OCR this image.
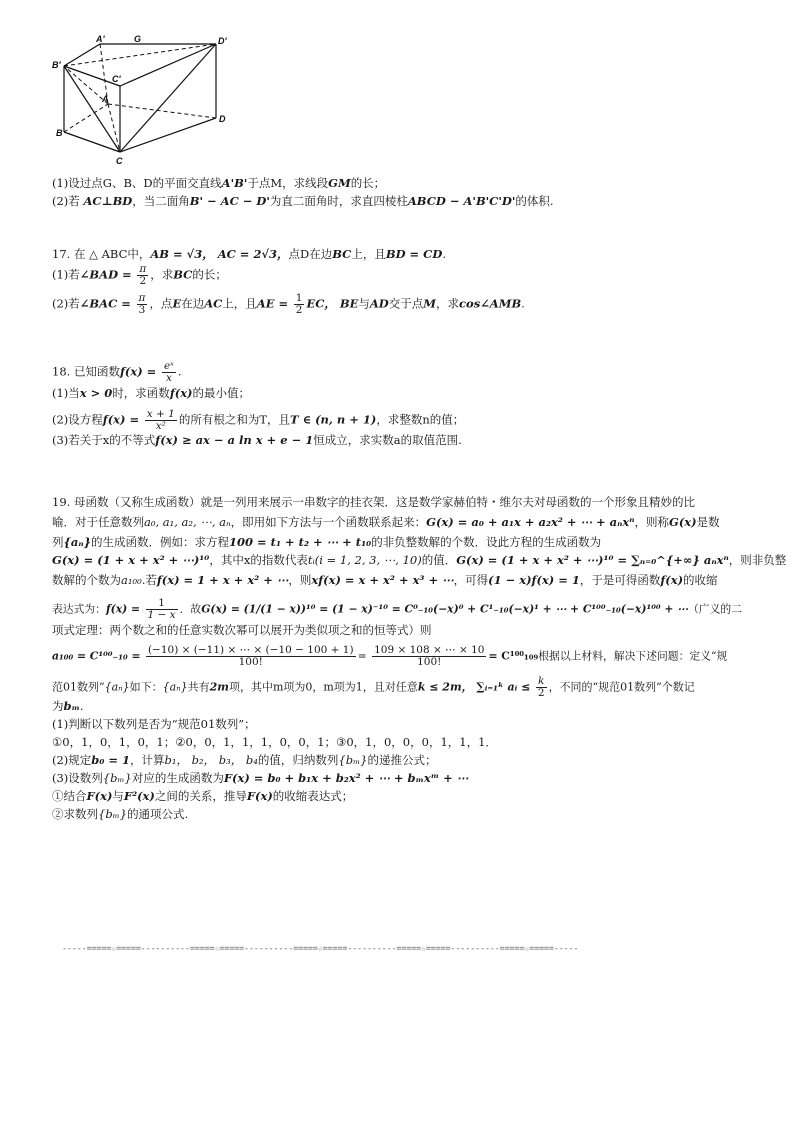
A'	G	D'
B'
C'
A
B
D
C
(1)设过点G、B、D的平面交直线A'B'于点M，求线段GM的长；
(2)若 AC⊥BD，当二面角B' − AC − D'为直二面角时，求直四棱柱ABCD − A'B'C'D'的体积.
17. 在 △ ABC中，AB = √3， AC = 2√3，点D在边BC上，且BD = CD.
(1)若∠BAD = $\frac{\pi}{2}$ ，求BC的长；
(2)若∠BAC = $\frac{\pi}{3}$ ，点E在边AC上，且AE = $\frac{1}{2}$ EC， BE与AD交于点M，求cos∠AMB.
18. 已知函数$f(x) = \frac{\text{eˣ}}{x}$ .
(1)当x > 0时，求函数f(x)的最小值；
(2)设方程$f(x) = \frac{x + 1}{\text{x²}}$ 的所有根之和为T，且T ∈ (n, n + 1)，求整数n的值；
(3)若关于x的不等式f(x) ≥ ax − a ln x + e − 1恒成立，求实数a的取值范围.
19. 母函数（又称生成函数）就是一列用来展示一串数字的挂衣架．这是数学家赫伯特・维尔夫对母函数的一个形象且精妙的比
喻．对于任意数列a₀, a₁, a₂, ⋯, aₙ，即用如下方法与一个函数联系起来：G(x) = a₀ + a₁x + a₂x² + ⋯ + aₙxⁿ，则称G(x)是数
列{aₙ}的生成函数．例如：求方程100 = t₁ + t₂ + ⋯ + t₁₀的非负整数解的个数．设此方程的生成函数为
G(x) = (1 + x + x² + ⋯)¹⁰，其中x的指数代表tᵢ(i = 1, 2, 3, ⋯, 10)的值．G(x) = (1 + x + x² + ⋯)¹⁰ = ∑ₙ₌₀^{+∞} aₙxⁿ，则非负整
数解的个数为a₁₀₀.若f(x) = 1 + x + x² + ⋯，则xf(x) = x + x² + x³ + ⋯，可得(1 − x)f(x) = 1，于是可得函数f(x)的收缩
表达式为：$f(x) = \frac{1}{1 - x}$ ．故G(x) = (1/(1 − x))¹⁰ = (1 − x)⁻¹⁰ = C⁰₋₁₀(−x)⁰ + C¹₋₁₀(−x)¹ + ⋯ + C¹⁰⁰₋₁₀(−x)¹⁰⁰ + ⋯（广义的二
项式定理：两个数之和的任意实数次幂可以展开为类似项之和的恒等式）则
$a_{100} = C^{100}_{-10} = \frac{(-10) \times (-11) \times \cdots \times (-10 - 100 + 1)}{100!} = \frac{109 \times 108 \times \cdots \times 10}{100!} = C^{100}_{109}$根据以上材料，解决下述问题：定义“规
范01数列”{aₙ}如下：{aₙ}共有2m项，其中m项为0，m项为1，且对任意k ≤ 2m， ∑ᵢ₌₁ᵏ aᵢ ≤ $\frac{k}{2}$ ，不同的“规范01数列”个数记
为bₘ.
(1)判断以下数列是否为“规范01数列”；
①0，1，0，1，0，1；②0，0，1，1，1，0，0，1；③0，1，0，0，0，1，1，1．
(2)规定b₀ = 1，计算b₁， b₂， b₃， b₄的值，归纳数列{bₘ}的递推公式；
(3)设数列{bₘ}对应的生成函数为F(x) = b₀ + b₁x + b₂x² + ⋯ + bₘxᵐ + ⋯
①结合F(x)与F²(x)之间的关系，推导F(x)的收缩表达式；
②求数列{bₘ}的通项公式.
-----=====☆=====----------=====☆=====----------=====☆=====----------=====☆=====----------=====☆=====-----
